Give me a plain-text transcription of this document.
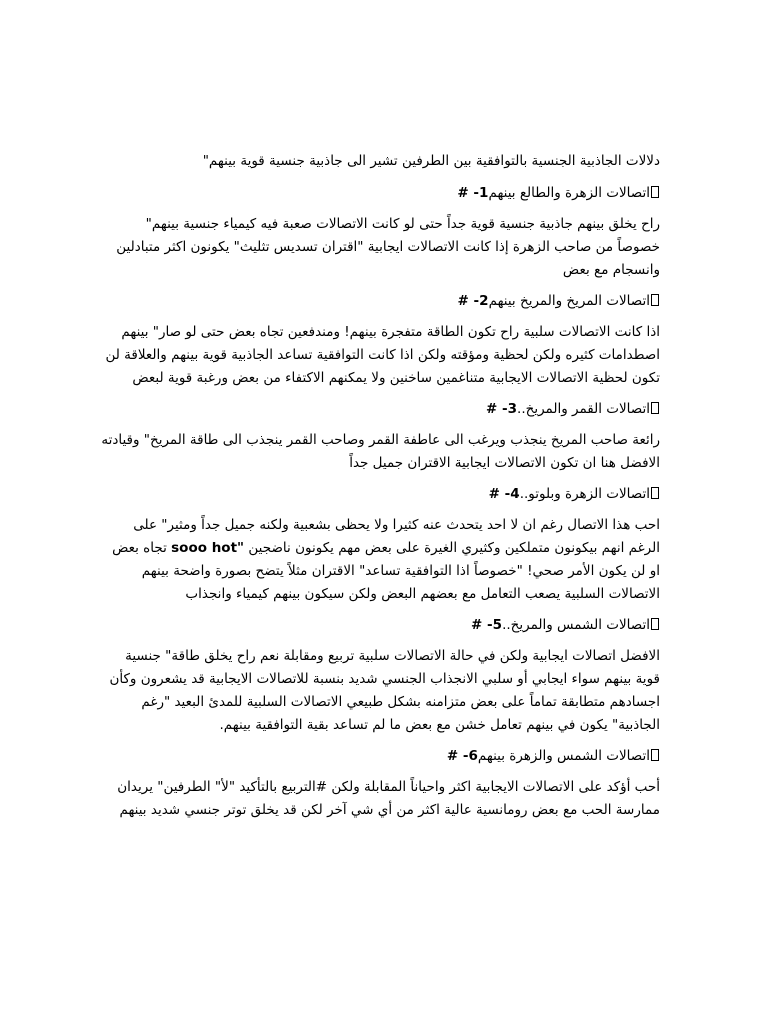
دلالات الجاذبية الجنسية بالتوافقية بين الطرفين تشير الى جاذبية جنسية قوية بينهم"

اتصالات الزهرة والطالع بينهم1- #

راح يخلق بينهم جاذبية جنسية قوية جداً حتى لو كانت الاتصالات صعبة فيه كيمياء جنسية بينهم" خصوصاً من صاحب الزهرة إذا كانت الاتصالات ايجابية "اقتران تسديس تثليث" يكونون اكثر متبادلين وانسجام مع بعض

اتصالات المريخ والمريخ بينهم2- #

اذا كانت الاتصالات سلبية راح تكون الطاقة متفجرة بينهم! ومندفعين تجاه بعض حتى لو صار" بينهم اصطدامات كثيره ولكن لحظية ومؤقته ولكن اذا كانت التوافقية تساعد الجاذبية قوية بينهم والعلاقة لن تكون لحظية الاتصالات الايجابية متناغمين ساخنين ولا يمكنهم الاكتفاء من بعض ورغبة قوية لبعض

اتصالات القمر والمريخ..3- #

رائعة صاحب المريخ ينجذب ويرغب الى عاطفة القمر وصاحب القمر ينجذب الى طاقة المريخ" وقيادته الافضل هنا ان تكون الاتصالات ايجابية الاقتران جميل جداً

اتصالات الزهرة وبلوتو..4- #

احب هذا الاتصال رغم ان لا احد يتحدث عنه كثيرا ولا يحظى بشعبية ولكنه جميل جداً ومثير" على الرغم انهم بيكونون متملكين وكثيري الغيرة على بعض مهم يكونون ناضجين "sooo hot تجاه بعض او لن يكون الأمر صحي! "خصوصاً اذا التوافقية تساعد" الاقتران مثلاً يتضح بصورة واضحة بينهم الاتصالات السلبية يصعب التعامل مع بعضهم البعض ولكن سيكون بينهم كيمياء وانجذاب

اتصالات الشمس والمريخ..5- #

الافضل اتصالات ايجابية ولكن في حالة الاتصالات سلبية تربيع ومقابلة نعم راح يخلق طاقة" جنسية قوية بينهم سواء ايجابي أو سلبي الانجذاب الجنسي شديد بنسبة للاتصالات الايجابية قد يشعرون وكأن اجسادهم متطابقة تماماً على بعض متزامنه بشكل طبيعي الاتصالات السلبية للمدئ البعيد "رغم الجاذبية" يكون في بينهم تعامل خشن مع بعض ما لم تساعد بقية التوافقية بينهم.

اتصالات الشمس والزهرة بينهم6- #

أحب أؤكد على الاتصالات الايجابية اكثر واحياناً المقابلة ولكن #التربيع بالتأكيد "لأ" الطرفين" يريدان ممارسة الحب مع بعض رومانسية عالية اكثر من أي شي آخر لكن قد يخلق توتر جنسي شديد بينهم
